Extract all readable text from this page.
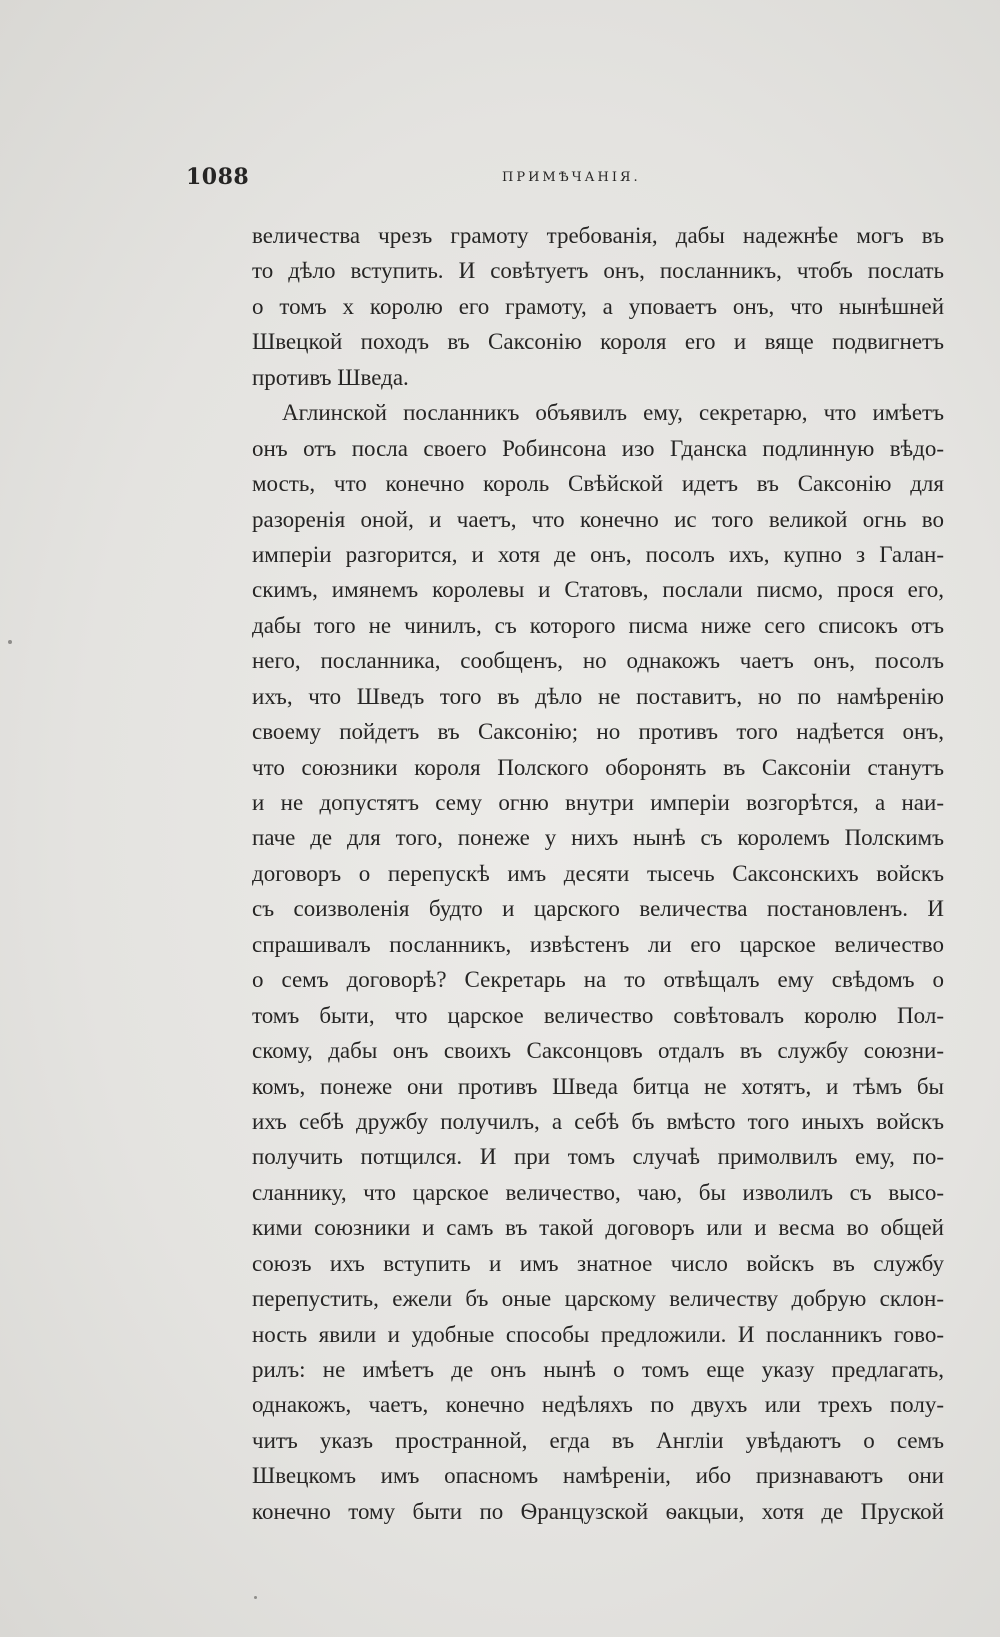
1088	ПРИМѢЧАНІЯ.
величества чрезъ грамоту требованія, дабы надежнѣе могъ въ
то дѣло вступить. И совѣтуетъ онъ, посланникъ, чтобъ послать
о томъ х королю его грамоту, а уповаетъ онъ, что нынѣшней
Швецкой походъ въ Саксонію короля его и вяще подвигнетъ
противъ Шведа.
Аглинской посланникъ объявилъ ему, секретарю, что имѣетъ
онъ отъ посла своего Робинсона изо Гданска подлинную вѣдо-
мость, что конечно король Свѣйской идетъ въ Саксонію для
разоренія оной, и чаетъ, что конечно ис того великой огнь во
имперіи разгорится, и хотя де онъ, посолъ ихъ, купно з Галан-
скимъ, имянемъ королевы и Статовъ, послали писмо, прося его,
дабы того не чинилъ, съ которого писма ниже сего списокъ отъ
него, посланника, сообщенъ, но однакожъ чаетъ онъ, посолъ
ихъ, что Шведъ того въ дѣло не поставитъ, но по намѣренію
своему пойдетъ въ Саксонію; но противъ того надѣется онъ,
что союзники короля Полского оборонять въ Саксоніи станутъ
и не допустятъ сему огню внутри имперіи возгорѣтся, а наи-
паче де для того, понеже у нихъ нынѣ съ королемъ Полскимъ
договоръ о перепускѣ имъ десяти тысечь Саксонскихъ войскъ
съ соизволенія будто и царского величества постановленъ. И
спрашивалъ посланникъ, извѣстенъ ли его царское величество
о семъ договорѣ? Секретарь на то отвѣщалъ ему свѣдомъ о
томъ быти, что царское величество совѣтовалъ королю Пол-
скому, дабы онъ своихъ Саксонцовъ отдалъ въ службу союзни-
комъ, понеже они противъ Шведа битца не хотятъ, и тѣмъ бы
ихъ себѣ дружбу получилъ, а себѣ бъ вмѣсто того иныхъ войскъ
получить потщился. И при томъ случаѣ примолвилъ ему, по-
сланнику, что царское величество, чаю, бы изволилъ съ высо-
кими союзники и самъ въ такой договоръ или и весма во общей
союзъ ихъ вступить и имъ знатное число войскъ въ службу
перепустить, ежели бъ оные царскому величеству добрую склон-
ность явили и удобные способы предложили. И посланникъ гово-
рилъ: не имѣетъ де онъ нынѣ о томъ еще указу предлагать,
однакожъ, чаетъ, конечно недѣляхъ по двухъ или трехъ полу-
читъ указъ пространной, егда въ Англіи увѣдаютъ о семъ
Швецкомъ имъ опасномъ намѣреніи, ибо признаваютъ они
конечно тому быти по Ѳранцузской ѳакцыи, хотя де Пруской
